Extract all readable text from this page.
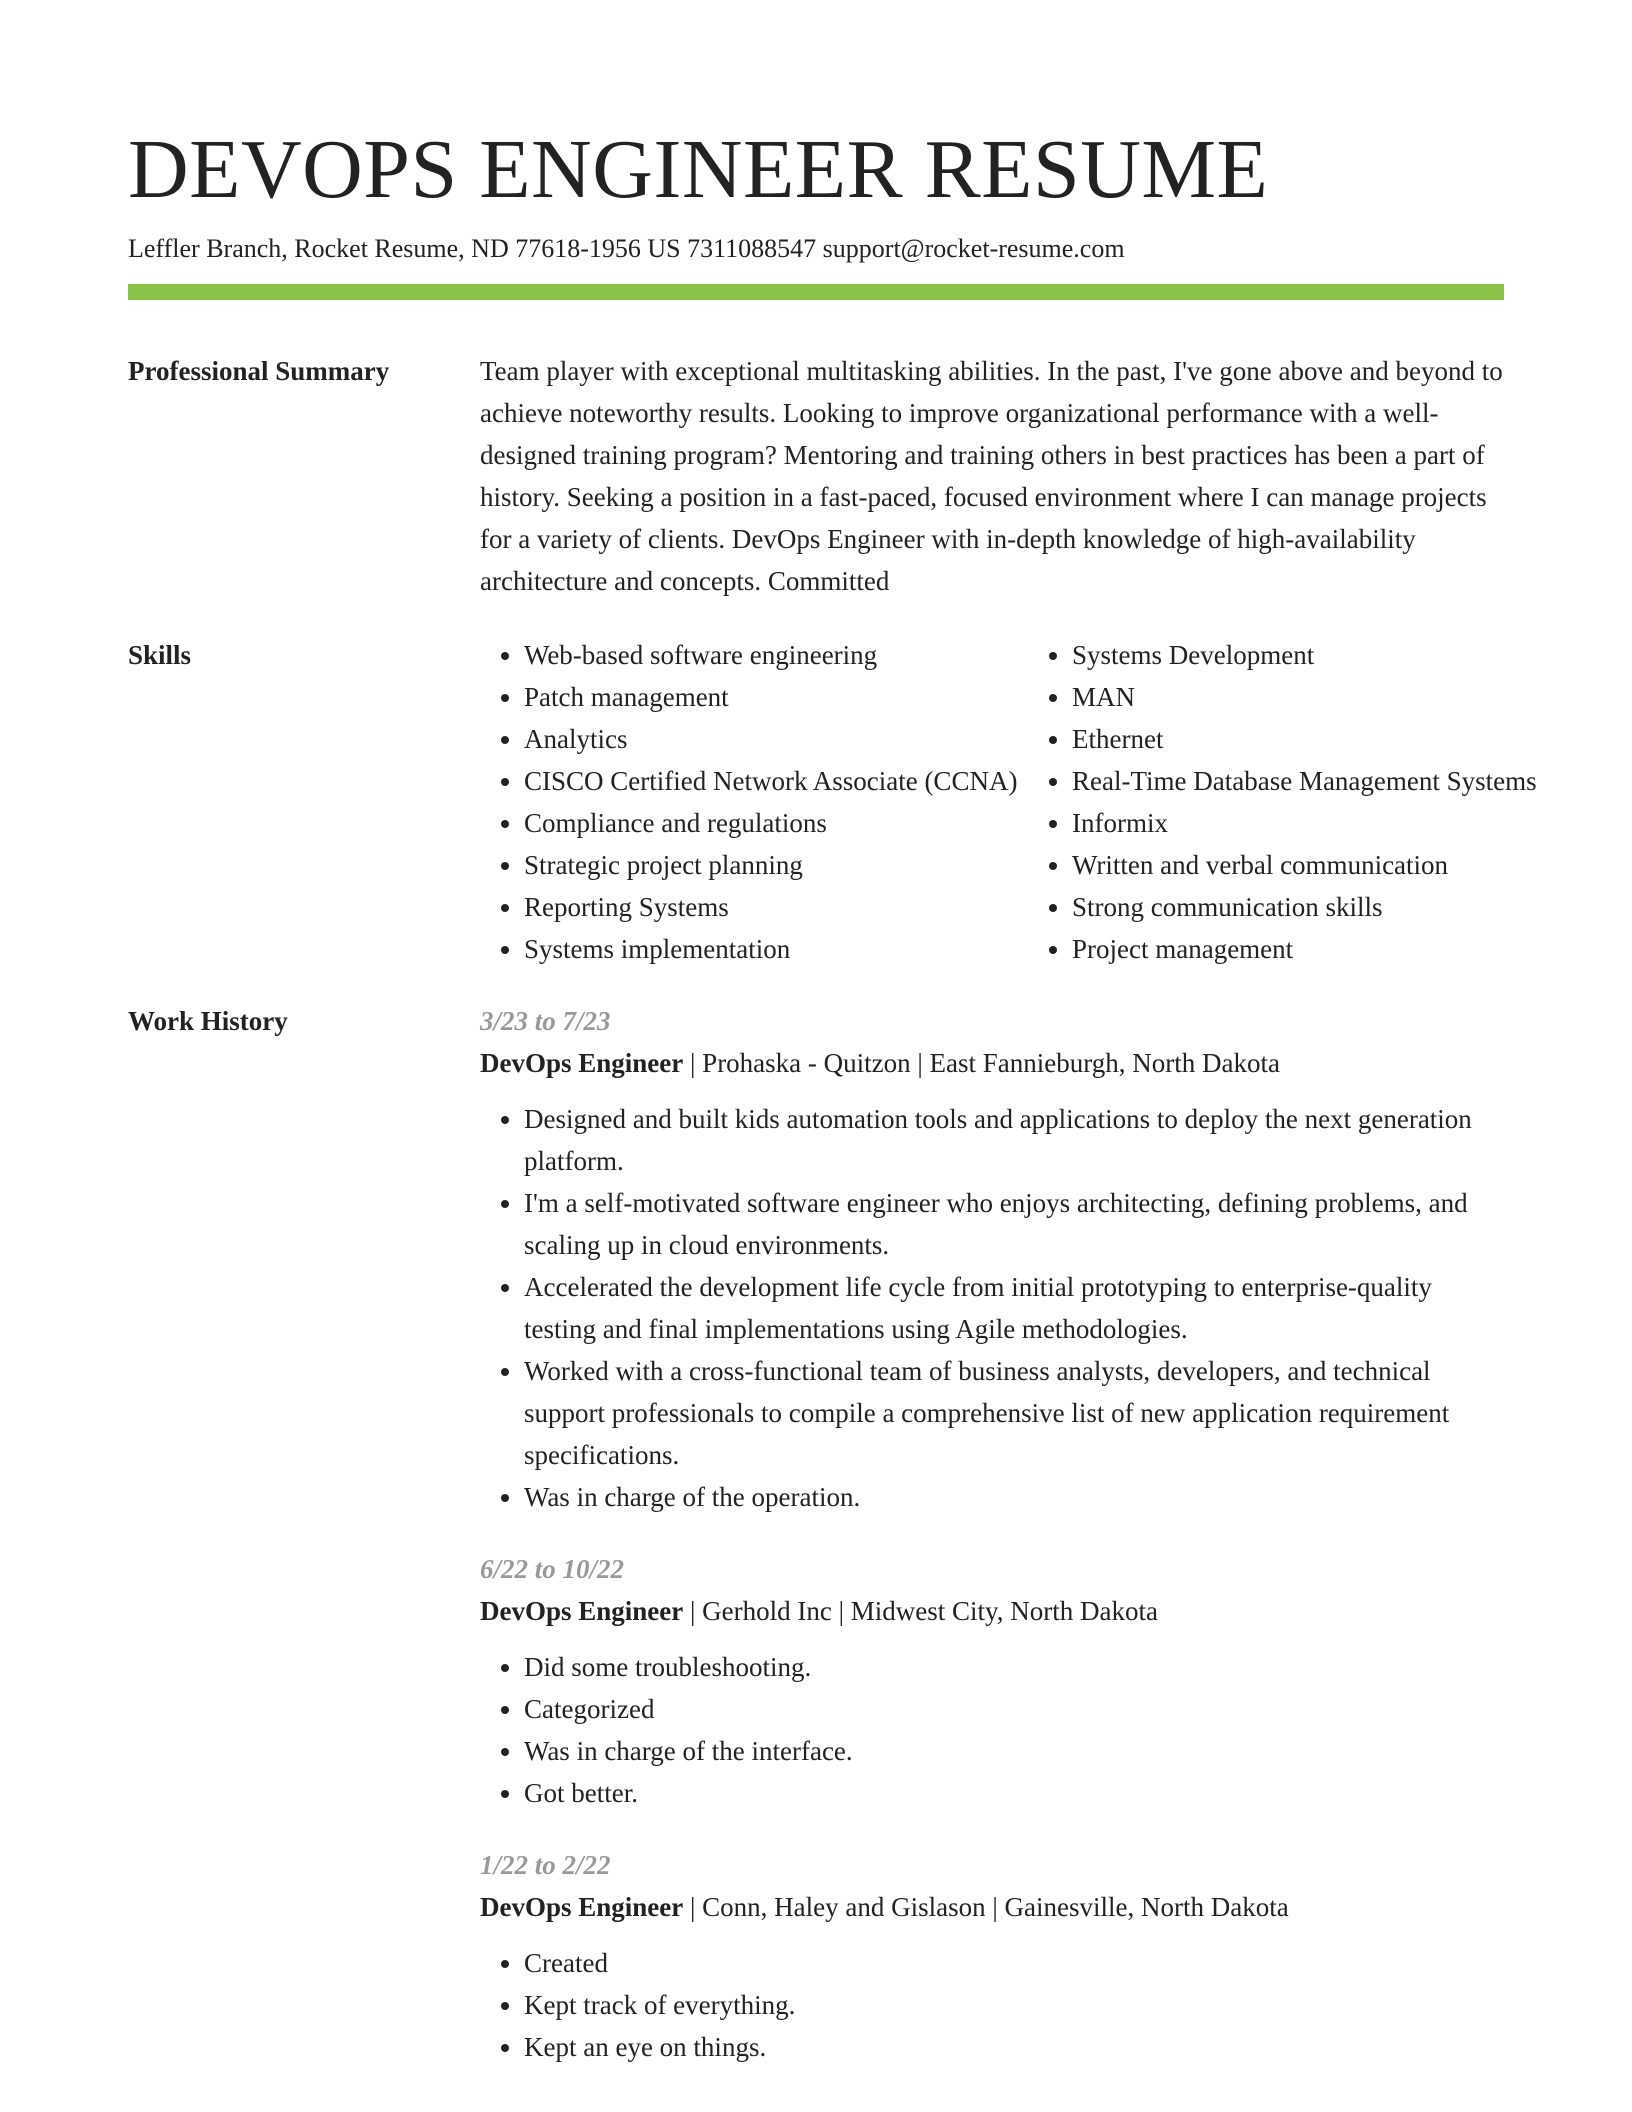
DEVOPS ENGINEER RESUME
Leffler Branch, Rocket Resume, ND 77618-1956 US 7311088547 support@rocket-resume.com
Professional Summary	Team player with exceptional multitasking abilities. In the past, I've gone above and beyond to achieve noteworthy results. Looking to improve organizational performance with a well-designed training program? Mentoring and training others in best practices has been a part of history. Seeking a position in a fast-paced, focused environment where I can manage projects for a variety of clients. DevOps Engineer with in-depth knowledge of high-availability architecture and concepts. Committed
Skills
•	Web-based software engineering
• Patch management
• Analytics
• CISCO Certified Network Associate (CCNA)
• Compliance and regulations
• Strategic project planning
• Reporting Systems
• Systems implementation
• Systems Development
• MAN
• Ethernet
• Real-Time Database Management Systems
• Informix
• Written and verbal communication
• Strong communication skills
• Project management
Work History	3/23 to 7/23
DevOps Engineer | Prohaska - Quitzon | East Fannieburgh, North Dakota
• Designed and built kids automation tools and applications to deploy the next generation platform.
• I'm a self-motivated software engineer who enjoys architecting, defining problems, and scaling up in cloud environments.
• Accelerated the development life cycle from initial prototyping to enterprise-quality testing and final implementations using Agile methodologies.
• Worked with a cross-functional team of business analysts, developers, and technical support professionals to compile a comprehensive list of new application requirement specifications.
• Was in charge of the operation.
6/22 to 10/22
DevOps Engineer | Gerhold Inc | Midwest City, North Dakota
• Did some troubleshooting.
• Categorized
• Was in charge of the interface.
• Got better.
1/22 to 2/22
DevOps Engineer | Conn, Haley and Gislason | Gainesville, North Dakota
• Created
• Kept track of everything.
• Kept an eye on things.
